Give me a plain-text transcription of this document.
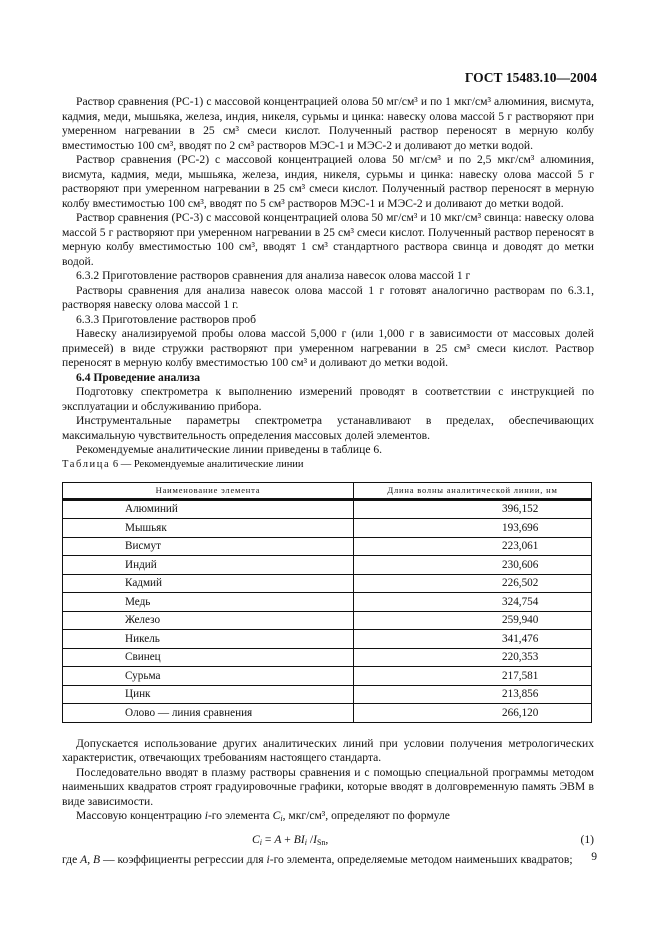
ГОСТ 15483.10—2004

Раствор сравнения (РС-1) с массовой концентрацией олова 50 мг/см³ и по 1 мкг/см³ алюминия, висмута, кадмия, меди, мышьяка, железа, индия, никеля, сурьмы и цинка: навеску олова массой 5 г растворяют при умеренном нагревании в 25 см³ смеси кислот. Полученный раствор переносят в мерную колбу вместимостью 100 см³, вводят по 2 см³ растворов МЭС-1 и МЭС-2 и доливают до метки водой.

Раствор сравнения (РС-2) с массовой концентрацией олова 50 мг/см³ и по 2,5 мкг/см³ алюминия, висмута, кадмия, меди, мышьяка, железа, индия, никеля, сурьмы и цинка: навеску олова массой 5 г растворяют при умеренном нагревании в 25 см³ смеси кислот. Полученный раствор переносят в мерную колбу вместимостью 100 см³, вводят по 5 см³ растворов МЭС-1 и МЭС-2 и доливают до метки водой.

Раствор сравнения (РС-3) с массовой концентрацией олова 50 мг/см³ и 10 мкг/см³ свинца: навеску олова массой 5 г растворяют при умеренном нагревании в 25 см³ смеси кислот. Полученный раствор переносят в мерную колбу вместимостью 100 см³, вводят 1 см³ стандартного раствора свинца и доводят до метки водой.

6.3.2 Приготовление растворов сравнения для анализа навесок олова массой 1 г

Растворы сравнения для анализа навесок олова массой 1 г готовят аналогично растворам по 6.3.1, растворяя навеску олова массой 1 г.

6.3.3 Приготовление растворов проб

Навеску анализируемой пробы олова массой 5,000 г (или 1,000 г в зависимости от массовых долей примесей) в виде стружки растворяют при умеренном нагревании в 25 см³ смеси кислот. Раствор переносят в мерную колбу вместимостью 100 см³ и доливают до метки водой.

6.4 Проведение анализа

Подготовку спектрометра к выполнению измерений проводят в соответствии с инструкцией по эксплуатации и обслуживанию прибора.

Инструментальные параметры спектрометра устанавливают в пределах, обеспечивающих максимальную чувствительность определения массовых долей элементов.

Рекомендуемые аналитические линии приведены в таблице 6.

Таблица 6 — Рекомендуемые аналитические линии

Наименование элемента	Длина волны аналитической линии, нм
Алюминий	396,152
Мышьяк	193,696
Висмут	223,061
Индий	230,606
Кадмий	226,502
Медь	324,754
Железо	259,940
Никель	341,476
Свинец	220,353
Сурьма	217,581
Цинк	213,856
Олово — линия сравнения	266,120

Допускается использование других аналитических линий при условии получения метрологических характеристик, отвечающих требованиям настоящего стандарта.

Последовательно вводят в плазму растворы сравнения и с помощью специальной программы методом наименьших квадратов строят градуировочные графики, которые вводят в долговременную память ЭВМ в виде зависимости.

Массовую концентрацию i-го элемента $C_i$, мкг/см³, определяют по формуле

$C_i = A + BI_i$ $/I_{Sn}$,	(1)

где A, B — коэффициенты регрессии для i-го элемента, определяемые методом наименьших квадратов;	9
